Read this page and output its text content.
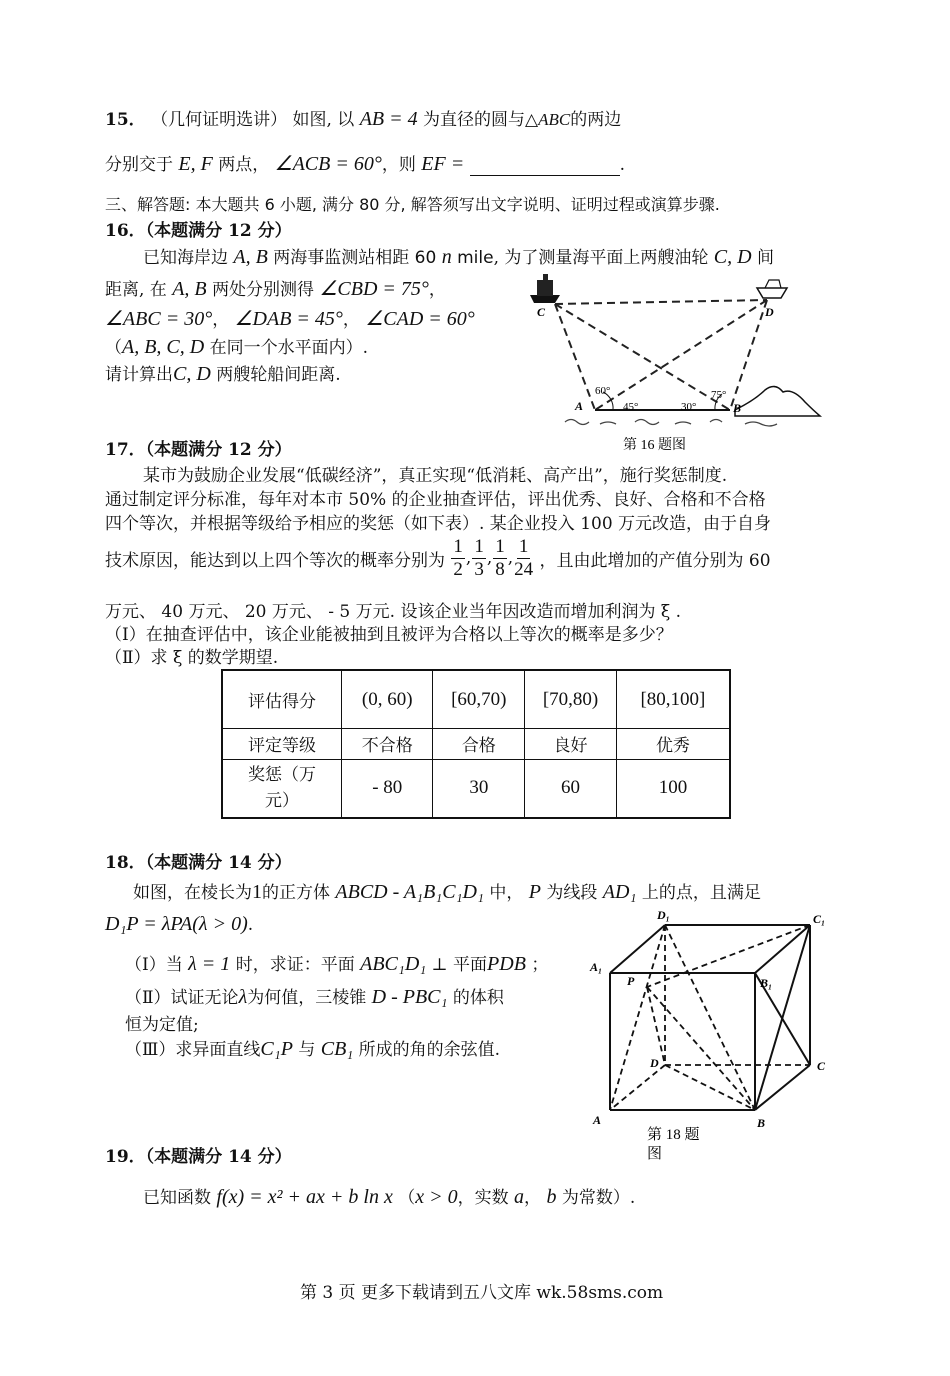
15． （几何证明选讲） 如图, 以 AB = 4 为直径的圆与△ABC的两边
分别交于 E, F 两点， ∠ACB = 60°，则 EF =	.
三、解答题: 本大题共 6 小题, 满分 80 分, 解答须写出文字说明、证明过程或演算步骤.
16．（本题满分 12 分）
已知海岸边 A, B 两海事监测站相距 60 n mile, 为了测量海平面上两艘油轮 C, D 间
距离, 在 A, B 两处分别测得 ∠CBD = 75°，
∠ABC = 30°， ∠DAB = 45°， ∠CAD = 60°
（A, B, C, D 在同一个水平面内）.
请计算出C, D 两艘轮船间距离.
C	D
A	B
60°
45°	30°
75°
第 16 题图
17．（本题满分 12 分）
某市为鼓励企业发展“低碳经济”，真正实现“低消耗、高产出”，施行奖惩制度.
通过制定评分标准，每年对本市 50% 的企业抽查评估，评出优秀、良好、合格和不合格
四个等次，并根据等级给予相应的奖惩（如下表）. 某企业投入 100 万元改造，由于自身
技术原因，能达到以上四个等次的概率分别为 $\frac{1}{2}$ , $\frac{1}{3}$ , $\frac{1}{8}$ , $\frac{1}{24}$ ，且由此增加的产值分别为 60
万元、 40 万元、 20 万元、 - 5 万元. 设该企业当年因改造而增加利润为 ξ .
（Ⅰ）在抽查评估中，该企业能被抽到且被评为合格以上等次的概率是多少？
（Ⅱ）求 ξ 的数学期望.
评估得分	(0, 60)	[60,70)	[70,80)	[80,100]
评定等级	不合格	合格	良好	优秀
奖惩（万元）	- 80	30	60	100
18．（本题满分 14 分）
如图，在棱长为1的正方体 ABCD - A₁B₁C₁D₁ 中， P 为线段 AD₁ 上的点，且满足
D₁P = λPA(λ > 0).
（Ⅰ）当 λ = 1 时，求证：平面 ABC₁D₁ ⊥ 平面PDB ；
（Ⅱ）试证无论λ为何值，三棱锥 D - PBC₁ 的体积
恒为定值;
（Ⅲ）求异面直线C₁P 与 CB₁ 所成的角的余弦值.
A	B
C
D
A₁
B₁
C₁
D₁
P
第 18 题
图
19．（本题满分 14 分）
已知函数 f(x) = x² + ax + b ln x （x > 0，实数 a， b 为常数）.
第 3 页 更多下载请到五八文库 wk.58sms.com
